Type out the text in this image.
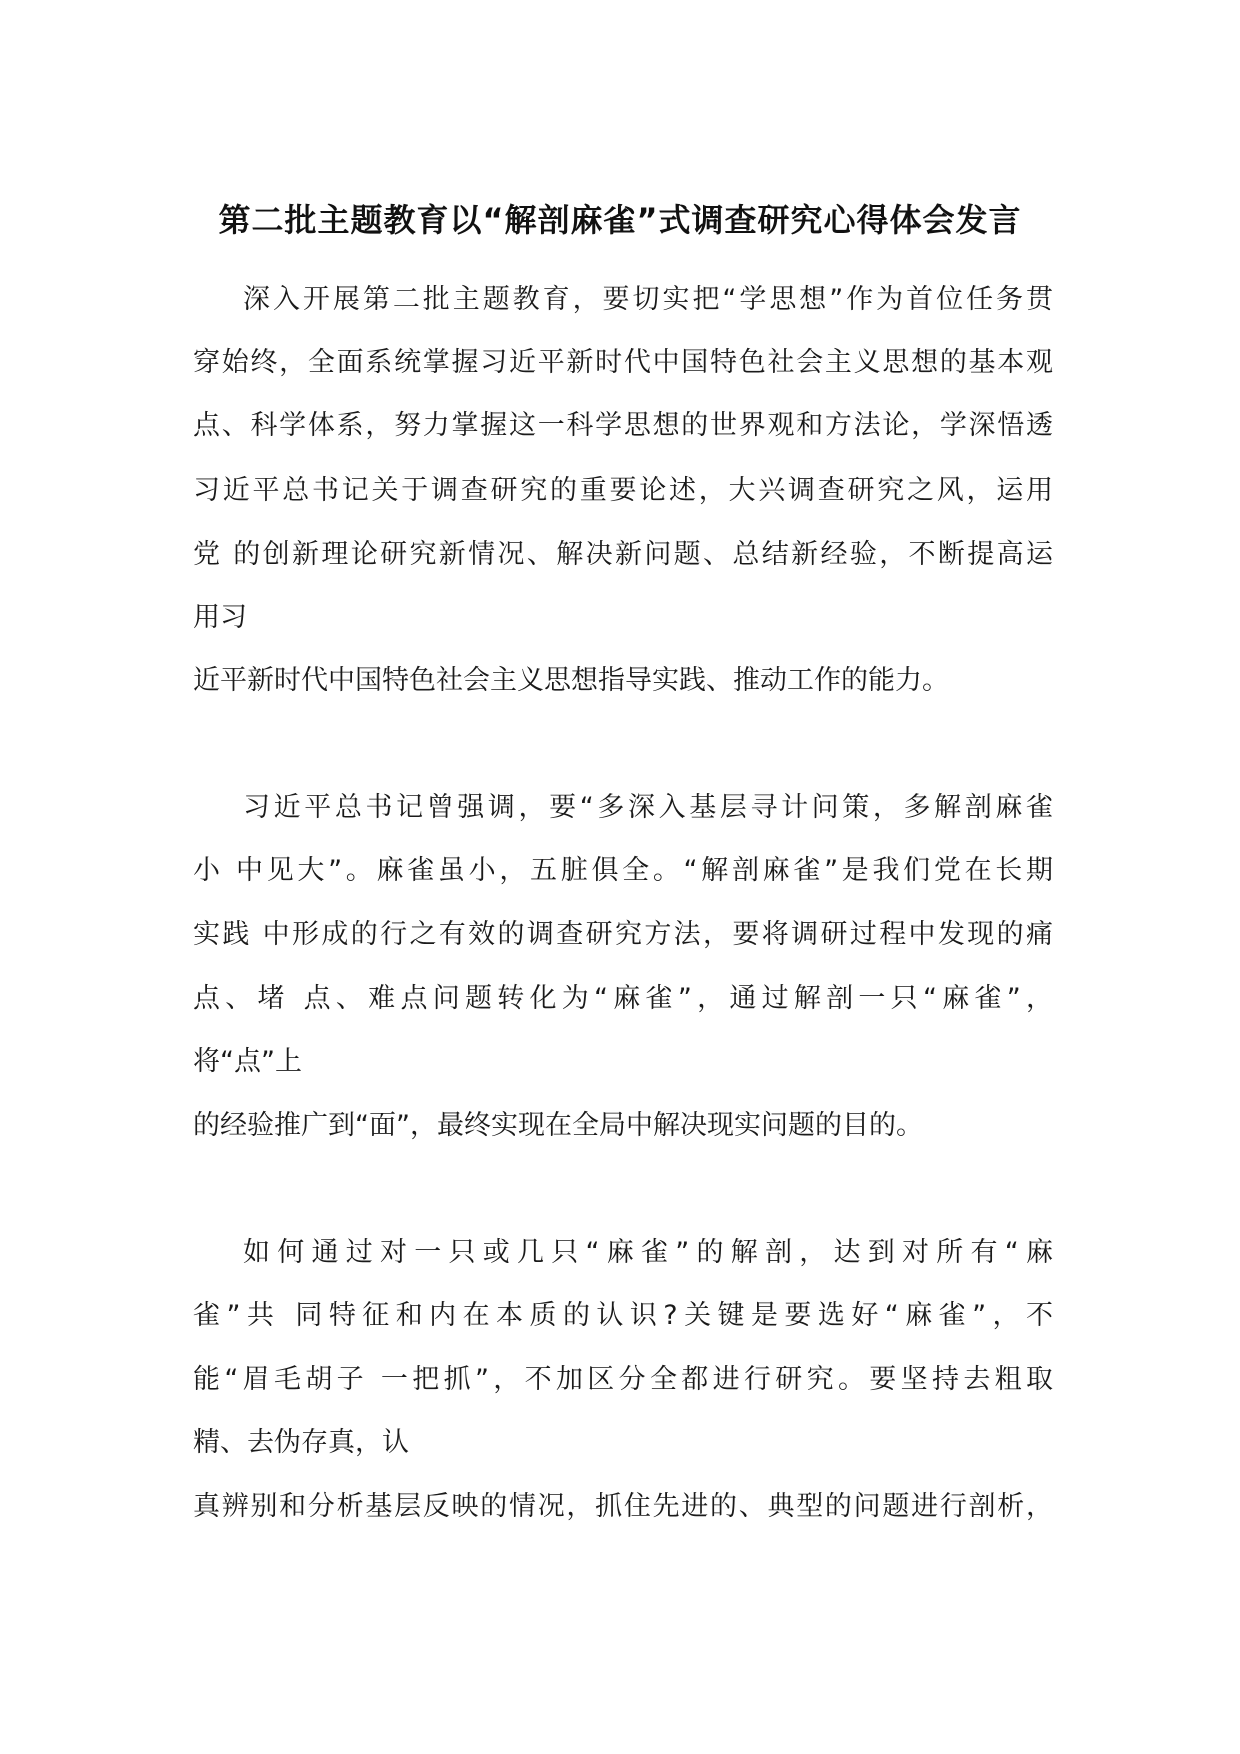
第二批主题教育以“解剖麻雀”式调查研究心得体会发言
深入开展第二批主题教育，要切实把“学思想”作为首位任务贯
穿始终，全面系统掌握习近平新时代中国特色社会主义思想的基本观
点、科学体系，努力掌握这一科学思想的世界观和方法论，学深悟透
习近平总书记关于调查研究的重要论述，大兴调查研究之风，运用
党 的创新理论研究新情况、解决新问题、总结新经验，不断提高运
用习
近平新时代中国特色社会主义思想指导实践、推动工作的能力。
习近平总书记曾强调，要“多深入基层寻计问策，多解剖麻雀
小 中见大”。麻雀虽小，五脏俱全。“解剖麻雀”是我们党在长期
实践 中形成的行之有效的调查研究方法，要将调研过程中发现的痛
点、堵 点、难点问题转化为“麻雀”，通过解剖一只“麻雀”，
将“点”上
的经验推广到“面”，最终实现在全局中解决现实问题的目的。
如何通过对一只或几只“麻雀”的解剖，达到对所有“麻
雀”共 同特征和内在本质的认识?关键是要选好“麻雀”，不
能“眉毛胡子 一把抓”，不加区分全都进行研究。要坚持去粗取
精、去伪存真，认
真辨别和分析基层反映的情况，抓住先进的、典型的问题进行剖析，
